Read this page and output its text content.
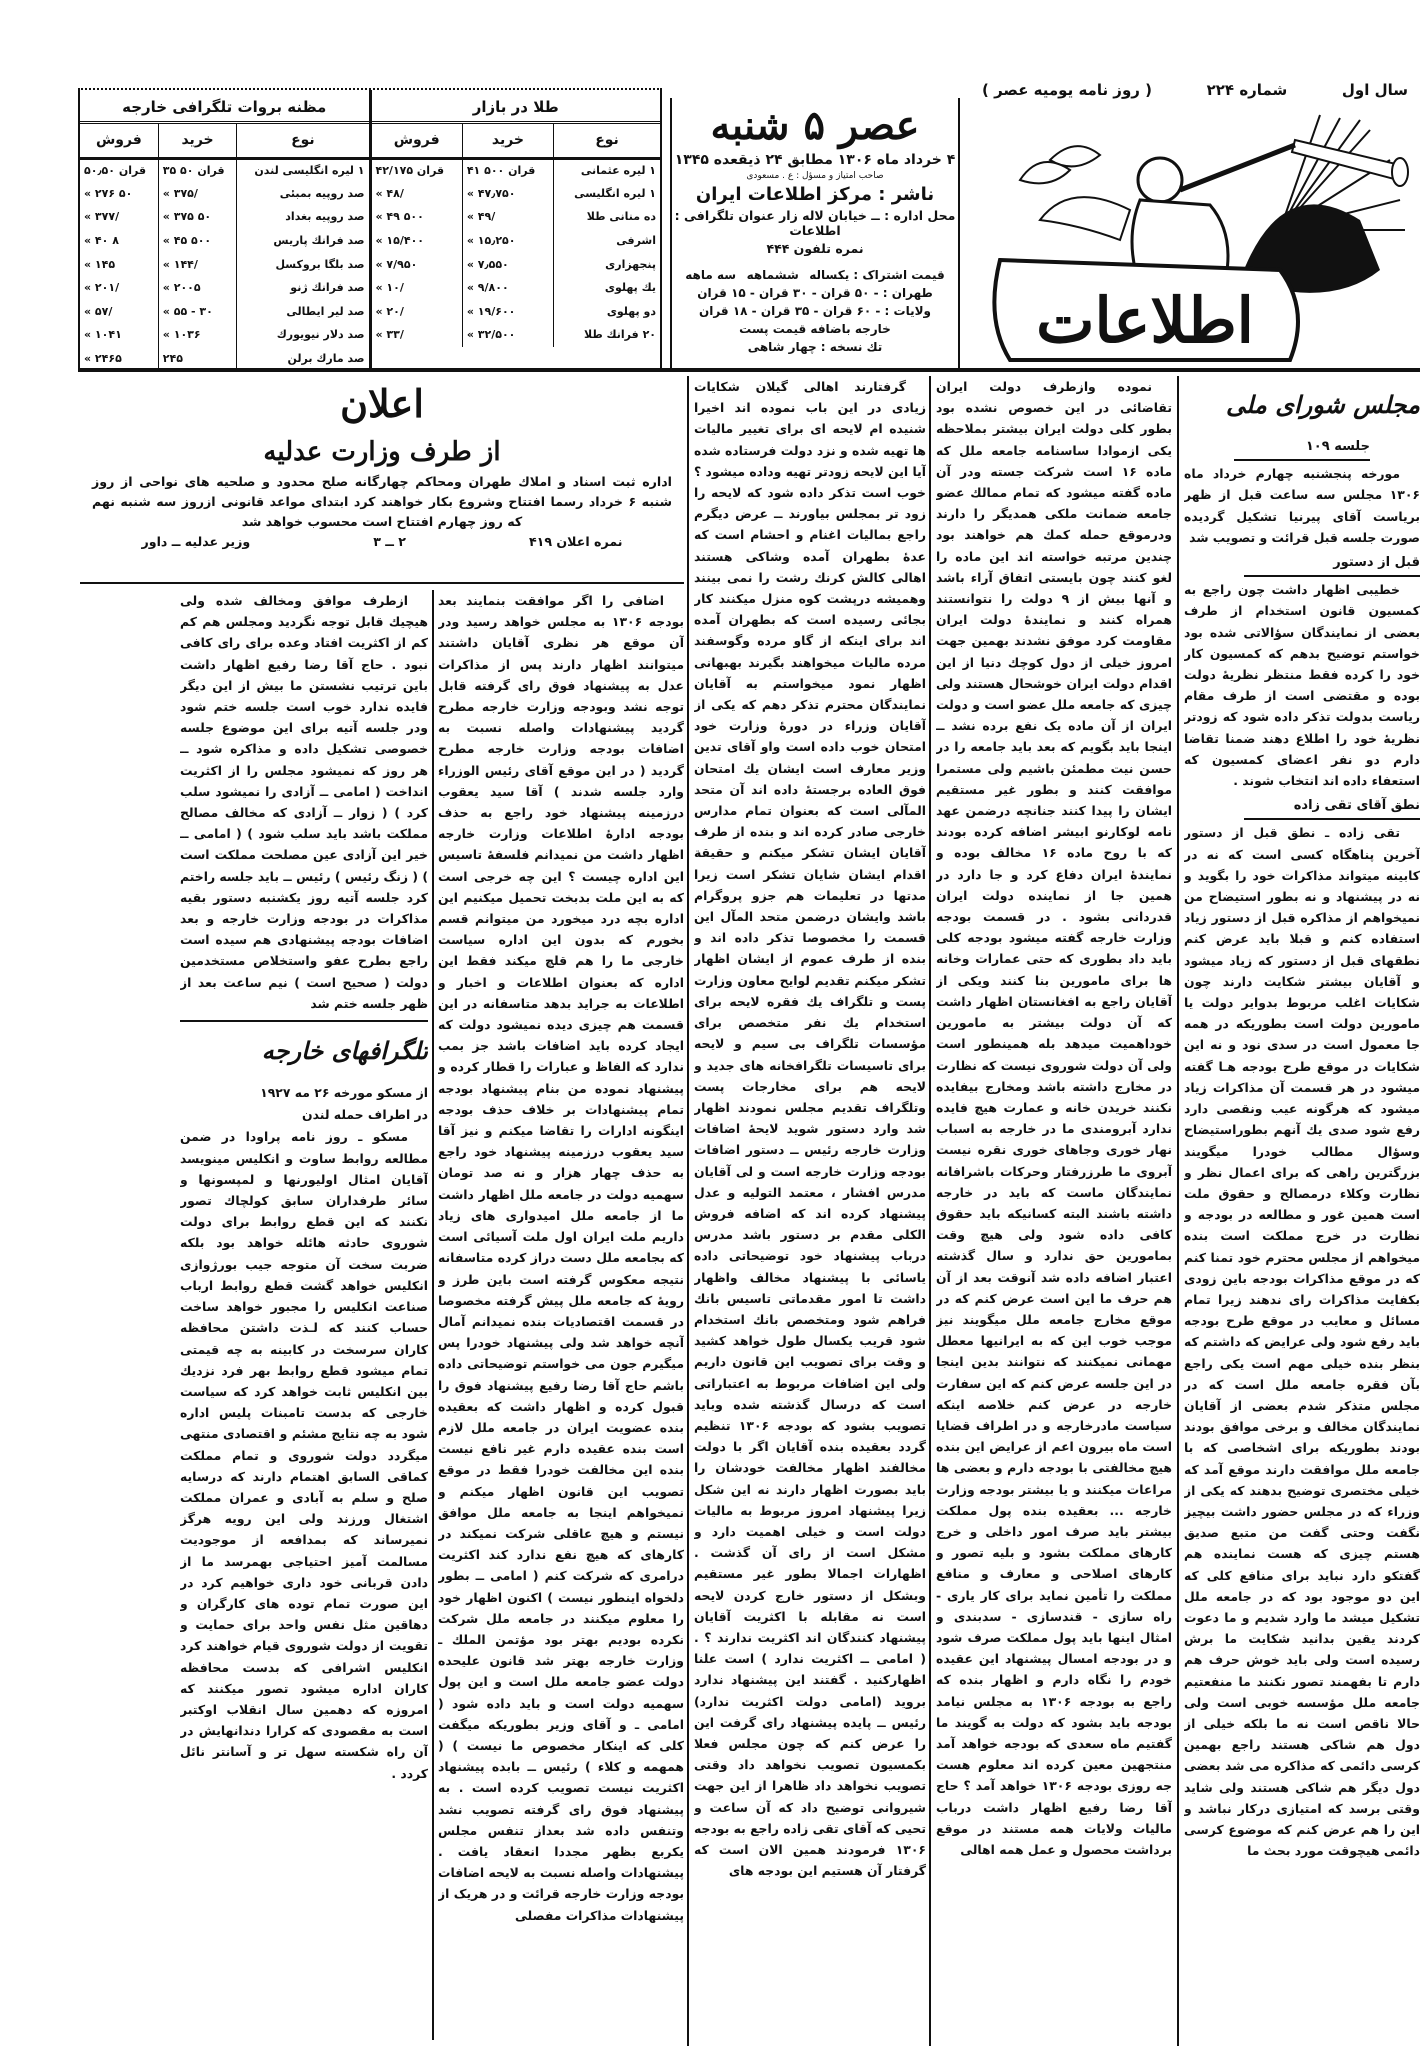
سال اول
شماره ۲۲۴
( روز نامه یومیه عصر )
اطلاعات
عصر ۵ شنبه
۴ خرداد ماه ۱۳۰۶ مطابق ۲۴ ذیقعده ۱۳۴۵
صاحب امتیاز و مسؤل : ع . مسعودی
ناشر : مرکز اطلاعات ایران
محل اداره : ــ خیابان لاله زار عنوان تلگرافی : اطلاعات
نمره تلفون ۴۴۴
قیمت اشتراک : یکساله
ششماهه
سه ماهه
طهران : - ۵۰ قران - ۳۰ قران - ۱۵ قران
ولایات : - ۶۰ قران - ۳۵ قران - ۱۸ قران
خارجه باضافه قیمت پست
تك نسخه : چهار شاهی
طلا در بازار
نوع	خرید	فروش
۱ لیره عثمانی	۴۱ ۵۰۰ قران	۴۲/۱۷۵ قران
۱ لیره انگلیسی	« ۴۷٫۷۵۰	« ۴۸/
ده منانی طلا	« ۴۹/	« ۴۹ ۵۰۰
اشرفی	« ۱۵٫۲۵۰	« ۱۵/۴۰۰
پنجهزاری	« ۷٫۵۵۰	« ۷/۹۵۰
یك پهلوی	« ۹/۸۰۰	« ۱۰/
دو پهلوی	« ۱۹/۶۰۰	« ۲۰/
۲۰ فرانك طلا	« ۳۲/۵۰۰	« ۳۳/
مظنه بروات تلگرافی خارجه
نوع	خرید	فروش
۱ لیره انگلیسی لندن	۳۵ ۵۰ قران	۵۰٫۵۰ قران
صد روپیه بمبئی	« ۳۷۵/	« ۲۷۶ ۵۰
صد روپیه بغداد	« ۳۷۵ ۵۰	« ۳۷۷/
صد فرانك پاریس	« ۴۵ ۵۰۰	« ۴۰ ۸
صد بلگا بروکسل	« ۱۴۴/	« ۱۴۵
صد فرانك ژنو	« ۲۰۰۵	« ۲۰۱/
صد لیر ایطالی	« ۵۵ - ۳۰	« ۵۷/
صد دلار نیویورك	« ۱۰۳۶	« ۱۰۴۱
صد مارك برلن	۲۴۵	« ۲۴۶۵
مجلس شورای ملی
جلسه ۱۰۹

مورخه پنجشنبه چهارم خرداد ماه ۱۳۰۶ مجلس سه ساعت قبل از ظهر بریاست آقای پیرنیا تشکیل گردیده صورت جلسه قبل قرائت و تصویب شد

قبل از دستور

خطیبی اظهار داشت چون راجع به کمسیون قانون استخدام از طرف بعضی از نمایندگان سؤالاتی شده بود خواستم توضیح بدهم که کمسیون کار خود را کرده فقط منتظر نظریهٔ دولت بوده و مقتضی است از طرف مقام ریاست بدولت تذکر داده شود که زودتر نظریهٔ خود را اطلاع دهند ضمنا تقاضا دارم دو نفر اعضای کمسیون که استعفاء داده اند انتخاب شوند .

نطق آقای تقی زاده

تقی زاده ـ نطق قبل از دستور آخرین پناهگاه کسی است که نه در کابینه میتواند مذاکرات خود را بگوید و نه در پیشنهاد و نه بطور استیضاح من نمیخواهم از مذاکره قبل از دستور زیاد استفاده کنم و قبلا باید عرض کنم نطقهای قبل از دستور که زیاد میشود و آقایان بیشتر شکایت دارند چون شکایات اغلب مربوط بدوایر دولت یا مامورین دولت است بطوریکه در همه جا معمول است در سدی نود و نه این شکایات در موقع طرح بودجه هـا گفته میشود در هر قسمت آن مذاکرات زیاد میشود که هرگونه عیب ونقصی دارد رفع شود صدی یك آنهم بطوراستیضاح وسؤال مطالب خودرا میگویند بزرگترین راهی که برای اعمال نظر و نظارت وکلاء درمصالح و حقوق ملت است همین غور و مطالعه در بودجه و نظارت در خرج مملکت است بنده میخواهم از مجلس محترم خود تمنا کنم که در موقع مذاکرات بودجه باین زودی بکفایت مذاکرات رای ندهند زیرا تمام مسائل و معایب در موقع طرح بودجه باید رفع شود ولی عرایض که داشتم که بنظر بنده خیلی مهم است یکی راجع بآن فقره جامعه ملل است که در مجلس متذکر شدم بعضی از آقایان نمایندگان مخالف و برخی موافق بودند بودند بطوریکه برای اشخاصی که با جامعه ملل موافقت دارند موقع آمد که خیلی مختصری توضیح بدهند که یکی از وزراء که در مجلس حضور داشت بیچیز نگفت وحتی گفت من متبع صدیق هستم چیزی که هست نماینده هم گفتکو دارد نباید برای منافع کلی که این دو موجود بود که در جامعه ملل تشکیل میشد ما وارد شدیم و ما دعوت کردند یقین بدانید شکایت ما برش رسیده است ولی باید خوش حرف هم دارم تا بفهمند تصور نکنند ما منفعتیم جامعه ملل مؤسسه خوبی است ولی حالا ناقص است نه ما بلکه خیلی از دول هم شاکی هستند راجع بهمین کرسی دائمی که مذاکره می شد بعضی دول دیگر هم شاکی هستند ولی شاید وقتی برسد که امتیازی درکار نباشد و این را هم عرض کنم که موضوع کرسی دائمی هیچوقت مورد بحث ما

نموده وازطرف دولت ایران تقاضائی در این خصوص نشده بود بطور کلی دولت ایران بیشتر بملاحظه یکی ازموادا ساسنامه جامعه ملل که ماده ۱۶ است شرکت جسته ودر آن ماده گفته میشود که تمام ممالك عضو جامعه ضمانت ملکی همدیگر را دارند ودرموقع حمله کمك هم خواهند بود چندین مرتبه خواسته اند این ماده را لغو کنند چون بایستی اتفاق آراء باشد و آنها بیش از ۹ دولت را نتوانستند همراه کنند و نمایندهٔ دولت ایران مقاومت کرد موفق نشدند بهمین جهت امروز خیلی از دول کوچك دنیا از این اقدام دولت ایران خوشحال هستند ولی چیزی که جامعه ملل عضو است و دولت ایران از آن ماده یک نفع برده نشد ــ اینجا باید بگویم که بعد باید جامعه را در حسن نیت مطمئن باشیم ولی مستمرا موافقت کنند و بطور غیر مستقیم ایشان را پیدا کنند جنانچه درضمن عهد نامه لوکارنو ابیشر اضافه کرده بودند که با روح ماده ۱۶ مخالف بوده و نمایندهٔ ایران دفاع کرد و جا دارد در همین جا از نماینده دولت ایران قدردانی بشود . در قسمت بودجه وزارت خارجه گفته میشود بودجه کلی باید داد بطوری که حتی عمارات وخانه ها برای مامورین بنا کنند ویکی از آقایان راجع به افغانستان اظهار داشت که آن دولت بیشتر به مامورین خوداهمیت میدهد بله همینطور است ولی آن دولت شوروی نیست که نظارت در مخارج داشته باشد ومخارج بیفایده نکنند خریدن خانه و عمارت هیچ فایده ندارد آبرومندی ما در خارجه به اسباب نهار خوری وجاهای خوری نقره نیست آبروی ما طرزرفتار وحرکات باشرافانه نمایندگان ماست که باید در خارجه داشته باشند البته کسانیکه باید حقوق کافی داده شود ولی هیچ وقت بمامورین حق ندارد و سال گذشته اعتبار اضافه داده شد آنوقت بعد از آن هم حرف ما این است عرض کنم که در موقع مخارج جامعه ملل میگویند نیز موجب خوب این که به ایرانیها معطل مهمانی نمیکنند که نتوانند بدین اینجا در این جلسه عرض کنم که این سفارت خارجه در عرض کنم خلاصه اینکه سیاست مادرخارجه و در اطراف قضایا است ماه بیرون اعم از عرایض این بنده هیچ مخالفتی با بودجه دارم و بعضی ها مراعات میکنند و یا بیشتر بودجه وزارت خارجه ... بعقیده بنده پول مملکت بیشتر باید صرف امور داخلی و خرج کارهای مملکت بشود و بلیه تصور و کارهای اصلاحی و معارف و منافع مملکت را تأمین نماید برای کار یاری - راه سازی - قندسازی - سدبندی و امثال اینها باید پول مملکت صرف شود و در بودجه امسال پیشنهاد این عقیده خودم را نگاه دارم و اظهار بنده که راجع به بودجه ۱۳۰۶ به مجلس نیامد بودجه باید بشود که دولت به گویند ما گفتیم ماه سعدی که بودجه خواهد آمد منتجهین معین کرده اند معلوم هست جه روزی بودجه ۱۳۰۶ خواهد آمد ؟ حاج آقا رضا رفیع اظهار داشت درباب مالیات ولایات همه مستند در موقع برداشت محصول و عمل همه اهالی

گرفتارند اهالی گیلان شکایات زیادی در این باب نموده اند اخیرا شنیده ام لایحه ای برای تغییر مالیات ها تهیه شده و نزد دولت فرستاده شده آیا این لایحه زودتر تهیه وداده میشود ؟ خوب است تذکر داده شود که لایحه را زود تر بمجلس بیاورند ــ عرض دیگرم راجع بمالیات اغنام و احشام است که عدهٔ بطهران آمده وشاکی هستند اهالی کالش کرنك رشت را نمی بینند وهمیشه درپشت کوه منزل میکنند کار بجائی رسیده است که بطهران آمده اند برای اینکه از گاو مرده وگوسفند مرده مالیات میخواهند بگیرند بهبهانی اظهار نمود میخواستم به آقایان نمایندگان محترم تذکر دهم که یکی از آقایان وزراء در دورهٔ وزارت خود امتحان خوب داده است واو آقای تدین وزیر معارف است ایشان یك امتحان فوق العاده برجستهٔ داده اند آن متحد المآلی است که بعنوان تمام مدارس خارجی صادر کرده اند و بنده از طرف آقایان ایشان تشکر میکنم و حقیقة اقدام ایشان شایان تشکر است زیرا مدتها در تعلیمات هم جزو پروگرام باشد وایشان درضمن متحد المآل این قسمت را مخصوصا تذکر داده اند و بنده از طرف عموم از ایشان اظهار تشکر میکنم تقدیم لوایح معاون وزارت پست و تلگراف یك فقره لایحه برای استخدام یك نفر متخصص برای مؤسسات تلگراف بی سیم و لایحه برای تاسیسات تلگرافخانه های جدید و لایحه هم برای مخارجات پست وتلگراف تقدیم مجلس نمودند اظهار شد وارد دستور شوید لایحهٔ اضافات وزارت خارجه رئیس ــ دستور اضافات بودجه وزارت خارجه است و لی آقایان مدرس افشار ، معتمد التولیه و عدل پیشنهاد کرده اند که اضافه فروش الکلی مقدم بر دستور باشد مدرس درباب پیشنهاد خود توضیحاتی داده یاسائی با پیشنهاد مخالف واظهار داشت تا امور مقدماتی تاسیس بانك فراهم شود ومتخصص بانك استخدام شود قریب یکسال طول خواهد کشید و وقت برای تصویب این قانون داریم ولی این اضافات مربوط به اعتباراتی است که درسال گذشته شده وباید تصویب بشود که بودجه ۱۳۰۶ تنظیم گردد بعقیده بنده آقایان اگر با دولت مخالفند اظهار مخالفت خودشان را باید بصورت اظهار دارند نه این شکل زیرا پیشنهاد امروز مربوط به مالیات دولت است و خیلی اهمیت دارد و مشکل است از رای آن گذشت . اظهارات اجمالا بطور غیر مستقیم وبشکل از دستور خارج کردن لایحه است نه مقابله با اکثریت آقایان پیشنهاد کنندگان اند اکثریت ندارند ؟ . ( امامی ــ اکثریت ندارد ) است علنا اظهارکنید . گفتند این پیشنهاد ندارد بروید (امامی دولت اکثریت ندارد) رئیس ــ پایده پیشنهاد رای گرفت این را عرض کنم که چون مجلس فعلا بکمسیون تصویب نخواهد داد وقتی تصویب نخواهد داد ظاهرا از این جهت شیروانی توضیح داد که آن ساعت و تحیی که آقای تقی زاده راجع به بودجه ۱۳۰۶ فرمودند همین الان است که گرفتار آن هستیم این بودجه های

اعلان
از طرف وزارت عدلیه
اداره ثبت اسناد و املاك طهران ومحاکم چهارگانه صلح محدود و صلحیه های نواحی از روز شنبه ۶ خرداد رسما افتتاح وشروع بکار خواهند کرد ابتدای مواعد قانونی ازروز سه شنبه نهم که روز چهارم افتتاح است محسوب خواهد شد
نمره اعلان ۴۱۹
۲ ــ ۳
وزیر عدلیه ــ داور

اضافی را اگر موافقت بنمایند بعد بودجه ۱۳۰۶ به مجلس خواهد رسید ودر آن موقع هر نظری آقایان داشتند میتوانند اظهار دارند پس از مذاکرات عدل به پیشنهاد فوق رای گرفته قابل توجه نشد وبودجه وزارت خارجه مطرح گردید پیشنهادات واصله نسبت به اضافات بودجه وزارت خارجه مطرح گردید ( در این موقع آقای رئیس الوزراء وارد جلسه شدند ) آقا سید یعقوب درزمینه پیشنهاد خود راجع به حذف بودجه ادارهٔ اطلاعات وزارت خارجه اظهار داشت من نمیدانم فلسفهٔ تاسیس این اداره چیست ؟ این چه خرجی است که به این ملت بدبخت تحمیل میکنیم این اداره بچه درد میخورد من میتوانم قسم بخورم که بدون این اداره سیاست خارجی ما را هم قلچ میکند فقط این اداره که بعنوان اطلاعات و اخبار و اطلاعات به جراید بدهد متاسفانه در این قسمت هم چیزی دیده نمیشود دولت که ایجاد کرده باید اضافات باشد جز بمب ندارد که الفاظ و عبارات را قطار کرده و پیشنهاد نموده من بنام پیشنهاد بودجه تمام پیشنهادات بر خلاف حذف بودجه اینگونه ادارات را تقاضا میکنم و نیز آقا سید یعقوب درزمینه پیشنهاد خود راجع به حذف چهار هزار و نه صد تومان سهمیه دولت در جامعه ملل اظهار داشت ما از جامعه ملل امیدواری های زیاد داریم ملت ایران اول ملت آسیائی است که بجامعه ملل دست دراز کرده متاسفانه نتیجه معکوس گرفته است باین طرز و رویهٔ که جامعه ملل پیش گرفته مخصوصا در قسمت اقتصادیات بنده نمیدانم آمال آنچه خواهد شد ولی پیشنهاد خودرا پس میگیرم جون می خواستم توضیحاتی داده باشم حاج آقا رضا رفیع پیشنهاد فوق را قبول کرده و اظهار داشت که بعقیده بنده عضویت ایران در جامعه ملل لازم است بنده عقیده دارم غیر نافع نیست بنده این مخالفت خودرا فقط در موقع تصویب این قانون اظهار میکنم و نمیخواهم اینجا به جامعه ملل موافق نیستم و هیچ عاقلی شرکت نمیکند در کارهای که هیچ نفع ندارد کند اکثریت درامری که شرکت کنم ( امامی ــ بطور دلخواه اینطور نیست ) اکنون اظهار خود را معلوم میکنند در جامعه ملل شرکت نکرده بودیم بهتر بود مؤتمن الملك ـ وزارت خارجه بهتر شد قانون علیحده دولت عضو جامعه ملل است و این پول سهمیه دولت است و باید داده شود ( امامی ـ و آقای وزیر بطوریکه میگفت کلی که اینکار مخصوص ما نیست ) ( همهمه و کلاء ) رئیس ــ بابده پیشنهاد اکثریت نیست تصویب کرده است . به پیشنهاد فوق رای گرفته تصویب نشد وتنفس داده شد بعداز تنفس مجلس یکربع بظهر مجددا انعقاد یافت . پیشنهادات واصله نسبت به لایحه اضافات بودجه وزارت خارجه قرائت و در هریک از پیشنهادات مذاکرات مفصلی

ازطرف موافق ومخالف شده ولی هیچیك قابل توجه نگردید ومجلس هم کم کم از اکثریت افتاد وعده برای رای کافی نبود . حاج آقا رضا رفیع اظهار داشت باین ترتیب نشستن ما بیش از این دیگر فایده ندارد خوب است جلسه ختم شود ودر جلسه آتیه برای این موضوع جلسه خصوصی تشکیل داده و مذاکره شود ــ هر روز که نمیشود مجلس را از اکثریت انداخت ( امامی ــ آزادی را نمیشود سلب کرد ) ( زوار ــ آزادی که مخالف مصالح مملکت باشد باید سلب شود ) ( امامی ــ خیر این آزادی عین مصلحت مملکت است ) ( زنگ رئیس ) رئیس ــ باید جلسه راختم کرد جلسه آتیه روز یکشنبه دستور بقیه مذاکرات در بودجه وزارت خارجه و بعد اضافات بودجه پیشنهادی هم سیده است راجع بطرح عفو واستخلاص مستخدمین دولت ( صحیح است ) نیم ساعت بعد از ظهر جلسه ختم شد

تلگرافهای خارجه

از مسکو مورخه ۲۶ مه ۱۹۲۷

در اطراف حمله لندن

مسکو ـ روز نامه پراودا در ضمن مطالعه روابط ساوت و انکلیس مینویسد آقایان امثال اولیورنها و لمپسونها و سائر طرفداران سابق کولچاك تصور نکنند که این قطع روابط برای دولت شوروی حادثه هائله خواهد بود بلکه ضربت سخت آن متوجه جیب بورژوازی انکلیس خواهد گشت قطع روابط ارباب صناعت انکلیس را مجبور خواهد ساخت حساب کنند که لـذت داشتن محافظه کاران سرسخت در کابینه به چه قیمتی تمام میشود قطع روابط بهر فرد نزدیك بین انکلیس ثابت خواهد کرد که سیاست خارجی که بدست تامبنات پلیس اداره شود به چه نتایج مشئم و اقتصادی منتهی میگردد دولت شوروی و تمام مملکت کماقی السابق اهتمام دارند که درسایه صلح و سلم به آبادی و عمران مملکت اشتغال ورزند ولی این رویه هرگز نمیرساند که بمدافعه از موجودیت مسالمت آمیز احتیاجی بهمرسد ما از دادن قربانی خود داری خواهیم کرد در این صورت تمام توده های کارگران و دهاقین مثل نفس واحد برای حمایت و تقویت از دولت شوروی قیام خواهند کرد انکلیس اشرافی که بدست محافظه کاران اداره میشود تصور میکنند که امروزه که دهمین سال انقلاب اوکتبر است به مقصودی که کرارا دندانهایش در آن راه شکسته سهل تر و آسانتر نائل کردد .
